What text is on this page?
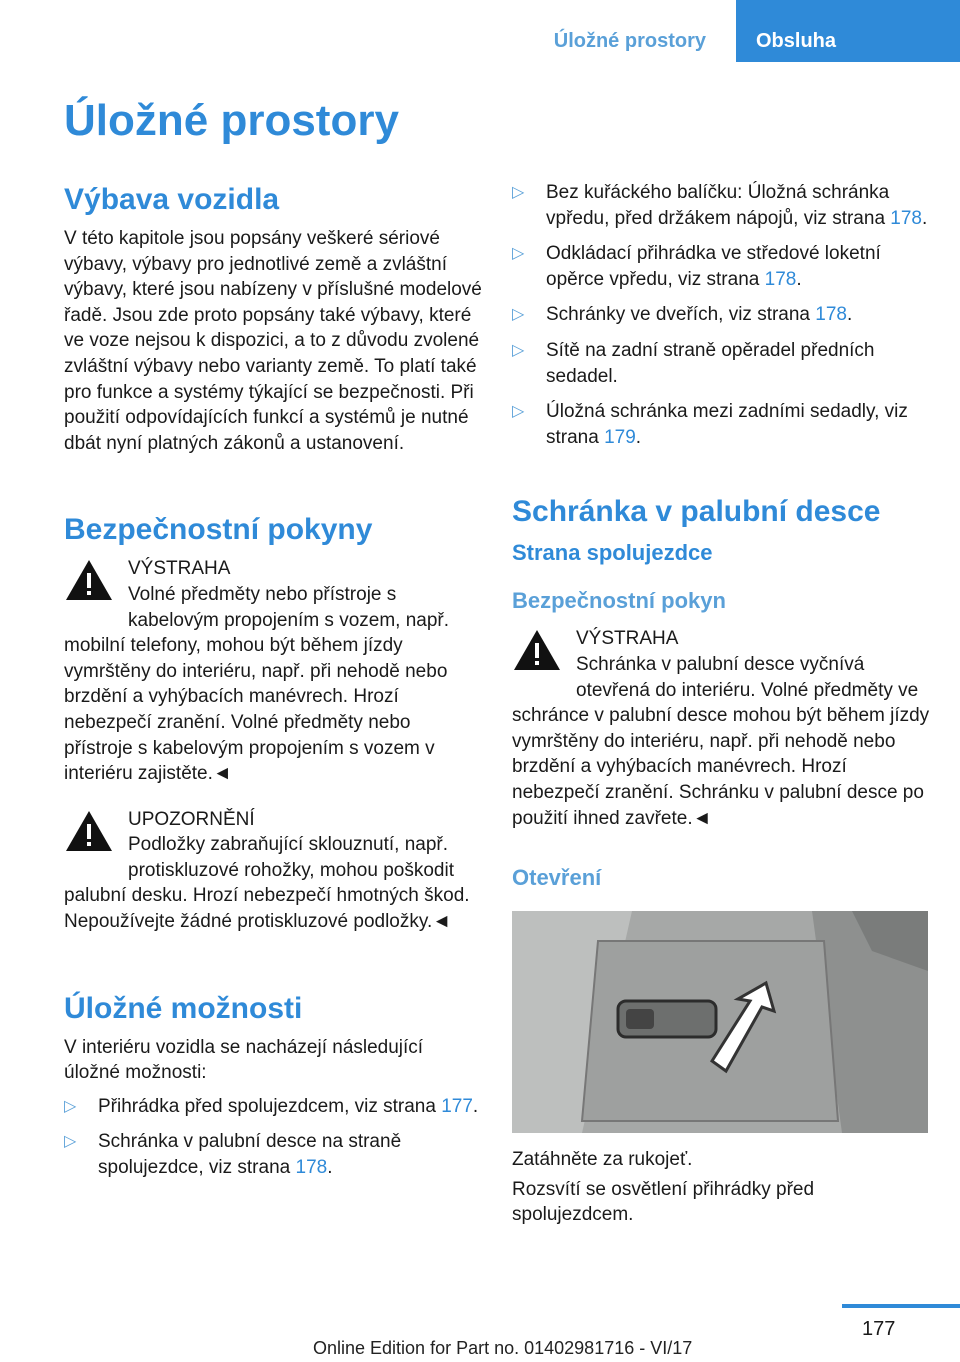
Úložné prostory	Obsluha
Úložné prostory
Výbava vozidla
V této kapitole jsou popsány veškeré sériové výbavy, výbavy pro jednotlivé země a zvláštní výbavy, které jsou nabízeny v příslušné modelové řadě. Jsou zde proto popsány také výbavy, které ve voze nejsou k dispozici, a to z důvodu zvolené zvláštní výbavy nebo varianty země. To platí také pro funkce a systémy týkající se bezpečnosti. Při použití odpovídajících funkcí a systémů je nutné dbát nyní platných zákonů a ustanovení.
Bezpečnostní pokyny
VÝSTRAHA
Volné předměty nebo přístroje s kabelovým propojením s vozem, např. mobilní telefony, mohou být během jízdy vymrštěny do interiéru, např. při nehodě nebo brzdění a vyhýbacích manévrech. Hrozí nebezpečí zranění. Volné předměty nebo přístroje s kabelovým propojením s vozem v interiéru zajistěte.◄
UPOZORNĚNÍ
Podložky zabraňující sklouznutí, např. protiskluzové rohožky, mohou poškodit palubní desku. Hrozí nebezpečí hmotných škod. Nepoužívejte žádné protiskluzové podložky.◄
Úložné možnosti
V interiéru vozidla se nacházejí následující úložné možnosti:
▷ Přihrádka před spolujezdcem, viz strana 177.
▷ Schránka v palubní desce na straně spolujezdce, viz strana 178.
▷ Bez kuřáckého balíčku: Úložná schránka vpředu, před držákem nápojů, viz strana 178.
▷ Odkládací přihrádka ve středové loketní opěrce vpředu, viz strana 178.
▷ Schránky ve dveřích, viz strana 178.
▷ Sítě na zadní straně opěradel předních sedadel.
▷ Úložná schránka mezi zadními sedadly, viz strana 179.
Schránka v palubní desce
Strana spolujezdce
Bezpečnostní pokyn
VÝSTRAHA
Schránka v palubní desce vyčnívá otevřená do interiéru. Volné předměty ve schránce v palubní desce mohou být během jízdy vymrštěny do interiéru, např. při nehodě nebo brzdění a vyhýbacích manévrech. Hrozí nebezpečí zranění. Schránku v palubní desce po použití ihned zavřete.◄
Otevření
Zatáhněte za rukojeť.
Rozsvítí se osvětlení přihrádky před spolujezdcem.
177
Online Edition for Part no. 01402981716 - VI/17
